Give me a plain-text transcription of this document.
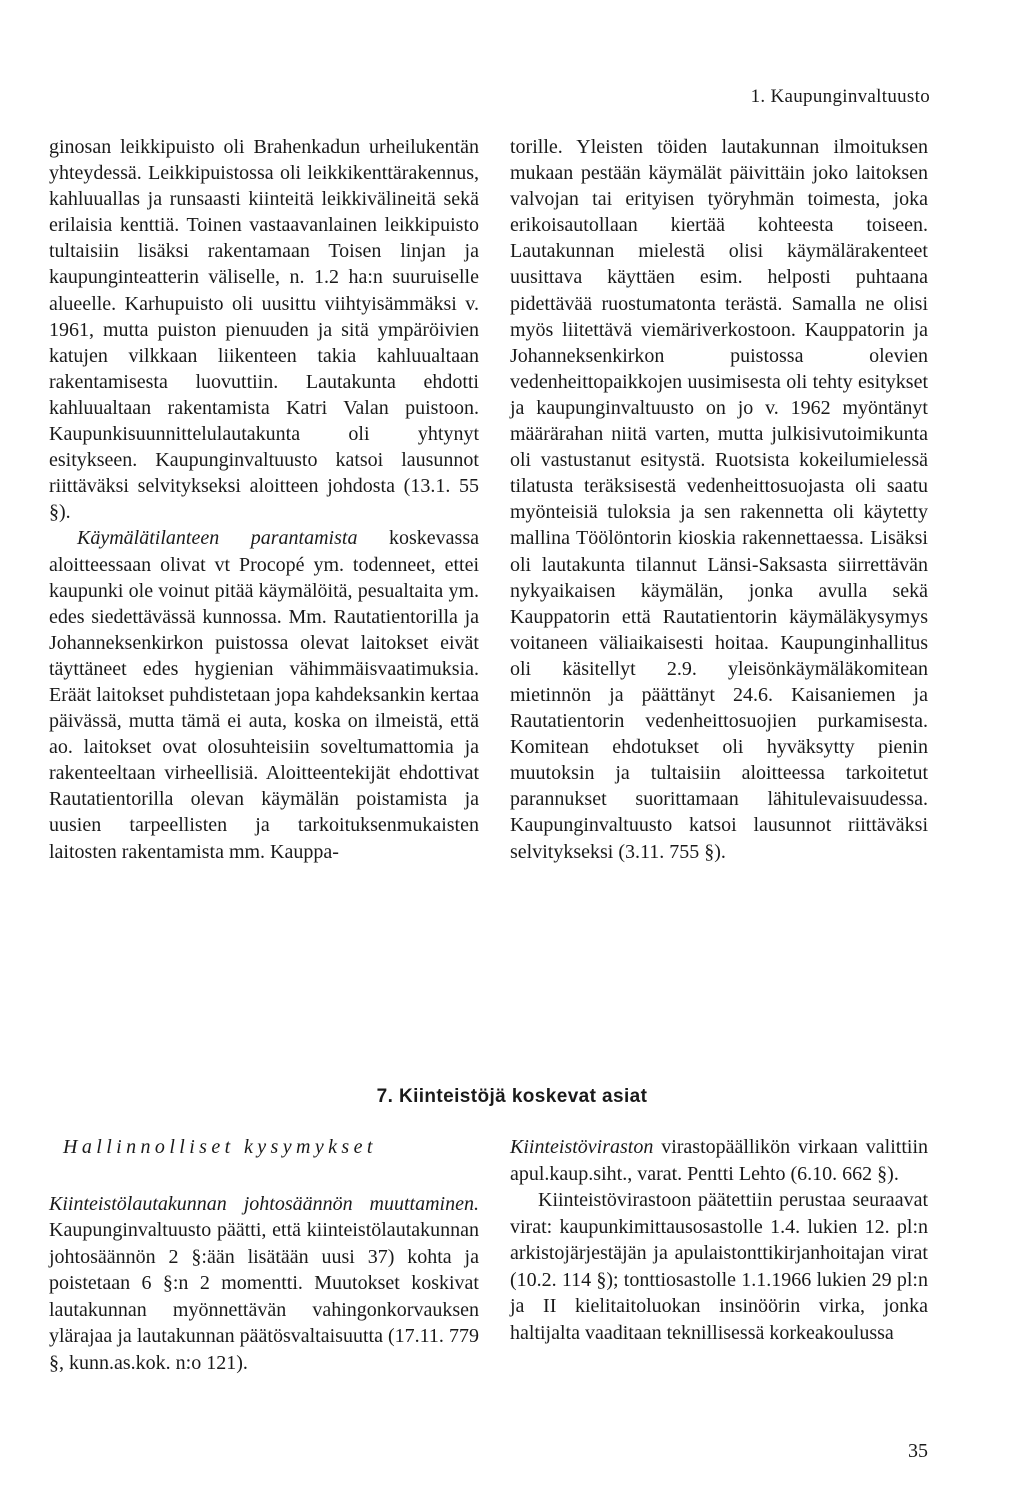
1. Kaupunginvaltuusto

ginosan leikkipuisto oli Brahenkadun urheilukentän yhteydessä. Leikkipuistossa oli leikkikenttärakennus, kahluuallas ja runsaasti kiinteitä leikkivälineitä sekä erilaisia kenttiä. Toinen vastaavanlainen leikkipuisto tultaisiin lisäksi rakentamaan Toisen linjan ja kaupunginteatterin väliselle, n. 1.2 ha:n suuruiselle alueelle. Karhupuisto oli uusittu viihtyisämmäksi v. 1961, mutta puiston pienuuden ja sitä ympäröivien katujen vilkkaan liikenteen takia kahluualtaan rakentamisesta luovuttiin. Lautakunta ehdotti kahluualtaan rakentamista Katri Valan puistoon. Kaupunkisuunnittelulautakunta oli yhtynyt esitykseen. Kaupunginvaltuusto katsoi lausunnot riittäväksi selvitykseksi aloitteen johdosta (13.1. 55 §).

Käymälätilanteen parantamista koskevassa aloitteessaan olivat vt Procopé ym. todenneet, ettei kaupunki ole voinut pitää käymälöitä, pesualtaita ym. edes siedettävässä kunnossa. Mm. Rautatientorilla ja Johanneksenkirkon puistossa olevat laitokset eivät täyttäneet edes hygienian vähimmäisvaatimuksia. Eräät laitokset puhdistetaan jopa kahdeksankin kertaa päivässä, mutta tämä ei auta, koska on ilmeistä, että ao. laitokset ovat olosuhteisiin soveltumattomia ja rakenteeltaan virheellisiä. Aloitteentekijät ehdottivat Rautatientorilla olevan käymälän poistamista ja uusien tarpeellisten ja tarkoituksenmukaisten laitosten rakentamista mm. Kauppa-

torille. Yleisten töiden lautakunnan ilmoituksen mukaan pestään käymälät päivittäin joko laitoksen valvojan tai erityisen työryhmän toimesta, joka erikoisautollaan kiertää kohteesta toiseen. Lautakunnan mielestä olisi käymälärakenteet uusittava käyttäen esim. helposti puhtaana pidettävää ruostumatonta terästä. Samalla ne olisi myös liitettävä viemäriverkostoon. Kauppatorin ja Johanneksenkirkon puistossa olevien vedenheittopaikkojen uusimisesta oli tehty esitykset ja kaupunginvaltuusto on jo v. 1962 myöntänyt määrärahan niitä varten, mutta julkisivutoimikunta oli vastustanut esitystä. Ruotsista kokeilumielessä tilatusta teräksisestä vedenheittosuojasta oli saatu myönteisiä tuloksia ja sen rakennetta oli käytetty mallina Töölöntorin kioskia rakennettaessa. Lisäksi oli lautakunta tilannut Länsi-Saksasta siirrettävän nykyaikaisen käymälän, jonka avulla sekä Kauppatorin että Rautatientorin käymäläkysymys voitaneen väliaikaisesti hoitaa. Kaupunginhallitus oli käsitellyt 2.9. yleisönkäymäläkomitean mietinnön ja päättänyt 24.6. Kaisaniemen ja Rautatientorin vedenheittosuojien purkamisesta. Komitean ehdotukset oli hyväksytty pienin muutoksin ja tultaisiin aloitteessa tarkoitetut parannukset suorittamaan lähitulevaisuudessa. Kaupunginvaltuusto katsoi lausunnot riittäväksi selvitykseksi (3.11. 755 §).

7. Kiinteistöjä koskevat asiat

Hallinnolliset kysymykset

Kiinteistölautakunnan johtosäännön muuttaminen. Kaupunginvaltuusto päätti, että kiinteistölautakunnan johtosäännön 2 §:ään lisätään uusi 37) kohta ja poistetaan 6 §:n 2 momentti. Muutokset koskivat lautakunnan myönnettävän vahingonkorvauksen ylärajaa ja lautakunnan päätösvaltaisuutta (17.11. 779 §, kunn.as.kok. n:o 121).

Kiinteistöviraston virastopäällikön virkaan valittiin apul.kaup.siht., varat. Pentti Lehto (6.10. 662 §).

Kiinteistövirastoon päätettiin perustaa seuraavat virat: kaupunkimittausosastolle 1.4. lukien 12. pl:n arkistojärjestäjän ja apulaistonttikirjanhoitajan virat (10.2. 114 §); tonttiosastolle 1.1.1966 lukien 29 pl:n ja II kielitaitoluokan insinöörin virka, jonka haltijalta vaaditaan teknillisessä korkeakoulussa

35
